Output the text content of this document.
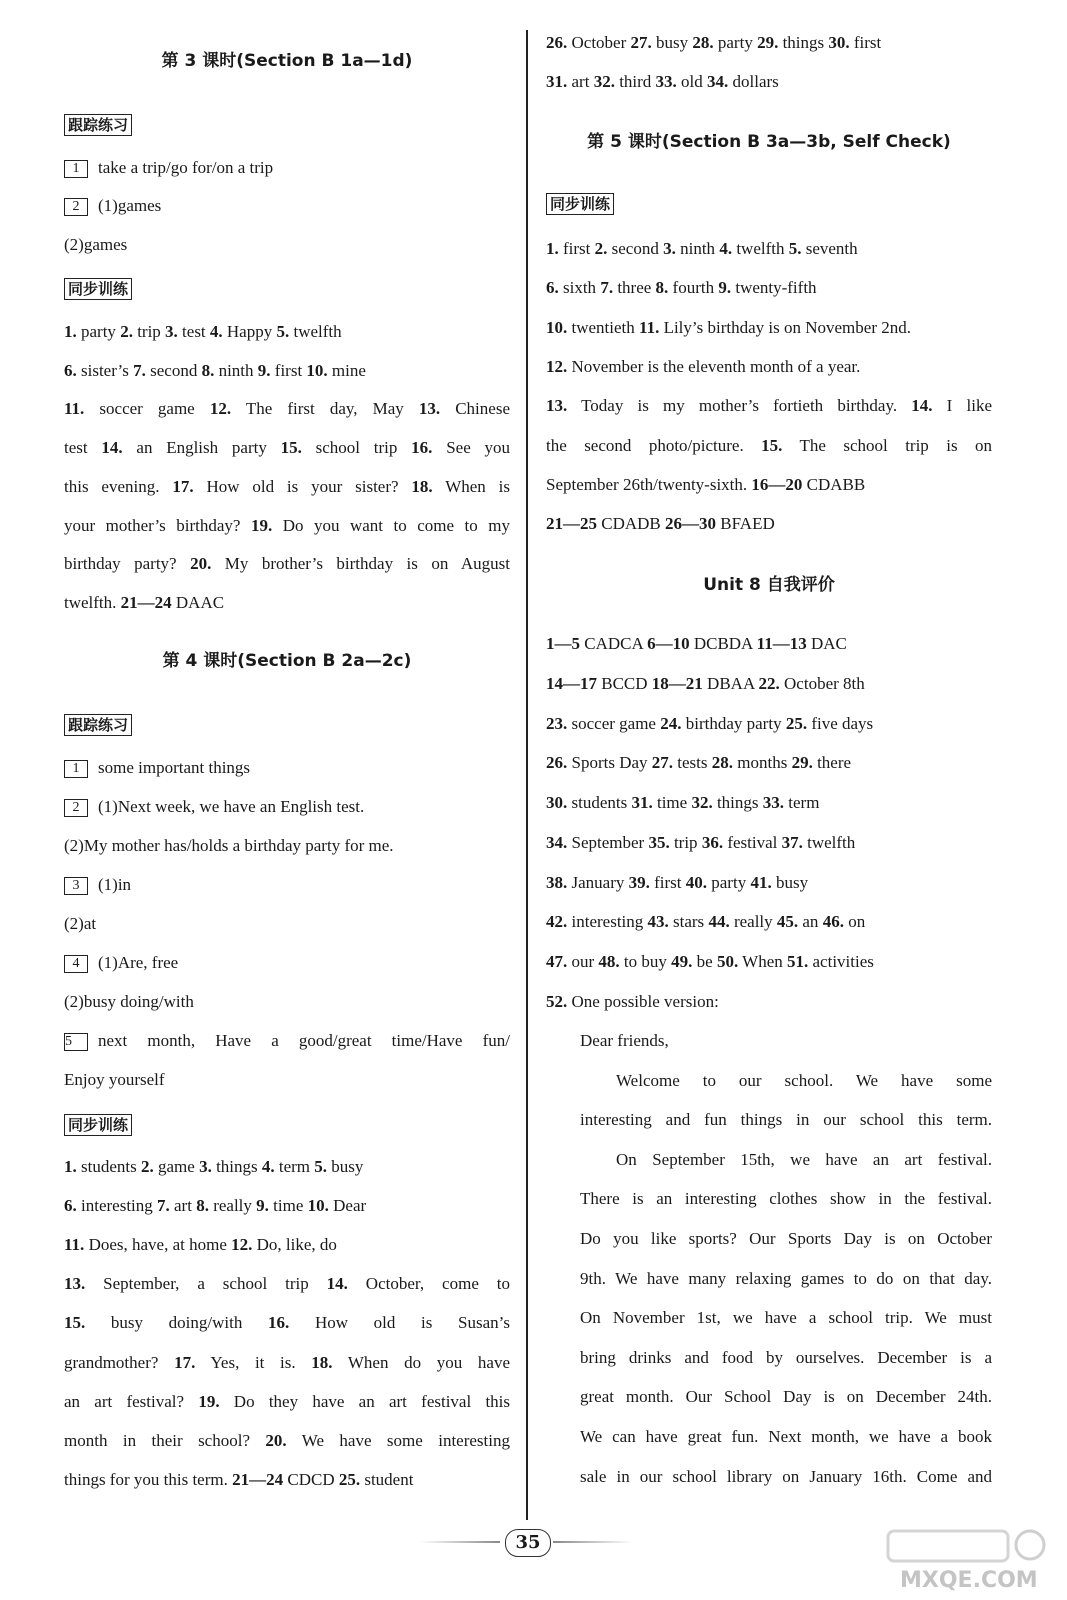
第 3 课时(Section B 1a—1d)
跟踪练习
1 take a trip/go for/on a trip
2 (1)games
(2)games
同步训练
1. party 2. trip 3. test 4. Happy 5. twelfth
6. sister’s 7. second 8. ninth 9. first 10. mine
11. soccer game 12. The first day, May 13. Chinese
test 14. an English party 15. school trip 16. See you
this evening. 17. How old is your sister? 18. When is
your mother’s birthday? 19. Do you want to come to my
birthday party? 20. My brother’s birthday is on August
twelfth. 21—24 DAAC
第 4 课时(Section B 2a—2c)
跟踪练习
1 some important things
2 (1)Next week, we have an English test.
(2)My mother has/holds a birthday party for me.
3 (1)in
(2)at
4 (1)Are, free
(2)busy doing/with
5 next month, Have a good/great time/Have fun/
Enjoy yourself
同步训练
1. students 2. game 3. things 4. term 5. busy
6. interesting 7. art 8. really 9. time 10. Dear
11. Does, have, at home 12. Do, like, do
13. September, a school trip 14. October, come to
15. busy doing/with 16. How old is Susan’s
grandmother? 17. Yes, it is. 18. When do you have
an art festival? 19. Do they have an art festival this
month in their school? 20. We have some interesting
things for you this term. 21—24 CDCD 25. student
26. October 27. busy 28. party 29. things 30. first
31. art 32. third 33. old 34. dollars
第 5 课时(Section B 3a—3b, Self Check)
同步训练
1. first 2. second 3. ninth 4. twelfth 5. seventh
6. sixth 7. three 8. fourth 9. twenty-fifth
10. twentieth 11. Lily’s birthday is on November 2nd.
12. November is the eleventh month of a year.
13. Today is my mother’s fortieth birthday. 14. I like
the second photo/picture. 15. The school trip is on
September 26th/twenty-sixth. 16—20 CDABB
21—25 CDADB 26—30 BFAED
Unit 8 自我评价
1—5 CADCA 6—10 DCBDA 11—13 DAC
14—17 BCCD 18—21 DBAA 22. October 8th
23. soccer game 24. birthday party 25. five days
26. Sports Day 27. tests 28. months 29. there
30. students 31. time 32. things 33. term
34. September 35. trip 36. festival 37. twelfth
38. January 39. first 40. party 41. busy
42. interesting 43. stars 44. really 45. an 46. on
47. our 48. to buy 49. be 50. When 51. activities
52. One possible version:
Dear friends,
Welcome to our school. We have some
interesting and fun things in our school this term.
On September 15th, we have an art festival.
There is an interesting clothes show in the festival.
Do you like sports? Our Sports Day is on October
9th. We have many relaxing games to do on that day.
On November 1st, we have a school trip. We must
bring drinks and food by ourselves. December is a
great month. Our School Day is on December 24th.
We can have great fun. Next month, we have a book
sale in our school library on January 16th. Come and
35
MXQE.COM
